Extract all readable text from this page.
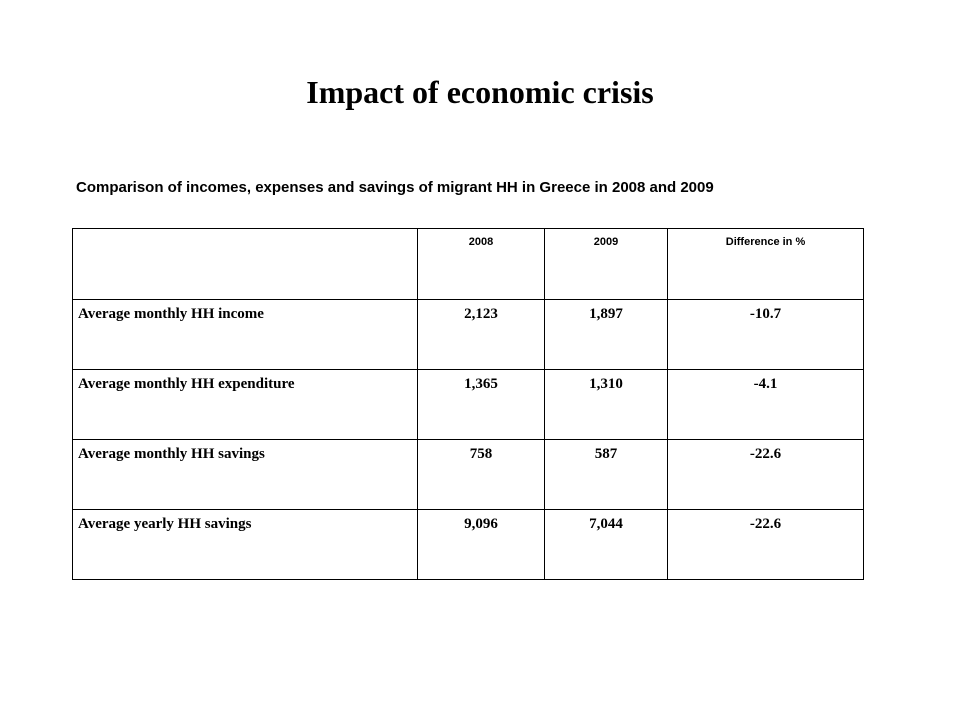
Impact of economic crisis
Comparison of incomes, expenses and savings of migrant HH in Greece in 2008 and 2009

	2008	2009	Difference in %

Average monthly HH income	2,123	1,897	-10.7

Average monthly HH expenditure	1,365	1,310	-4.1

Average monthly HH savings	758	587	-22.6

Average yearly HH savings	9,096	7,044	-22.6
